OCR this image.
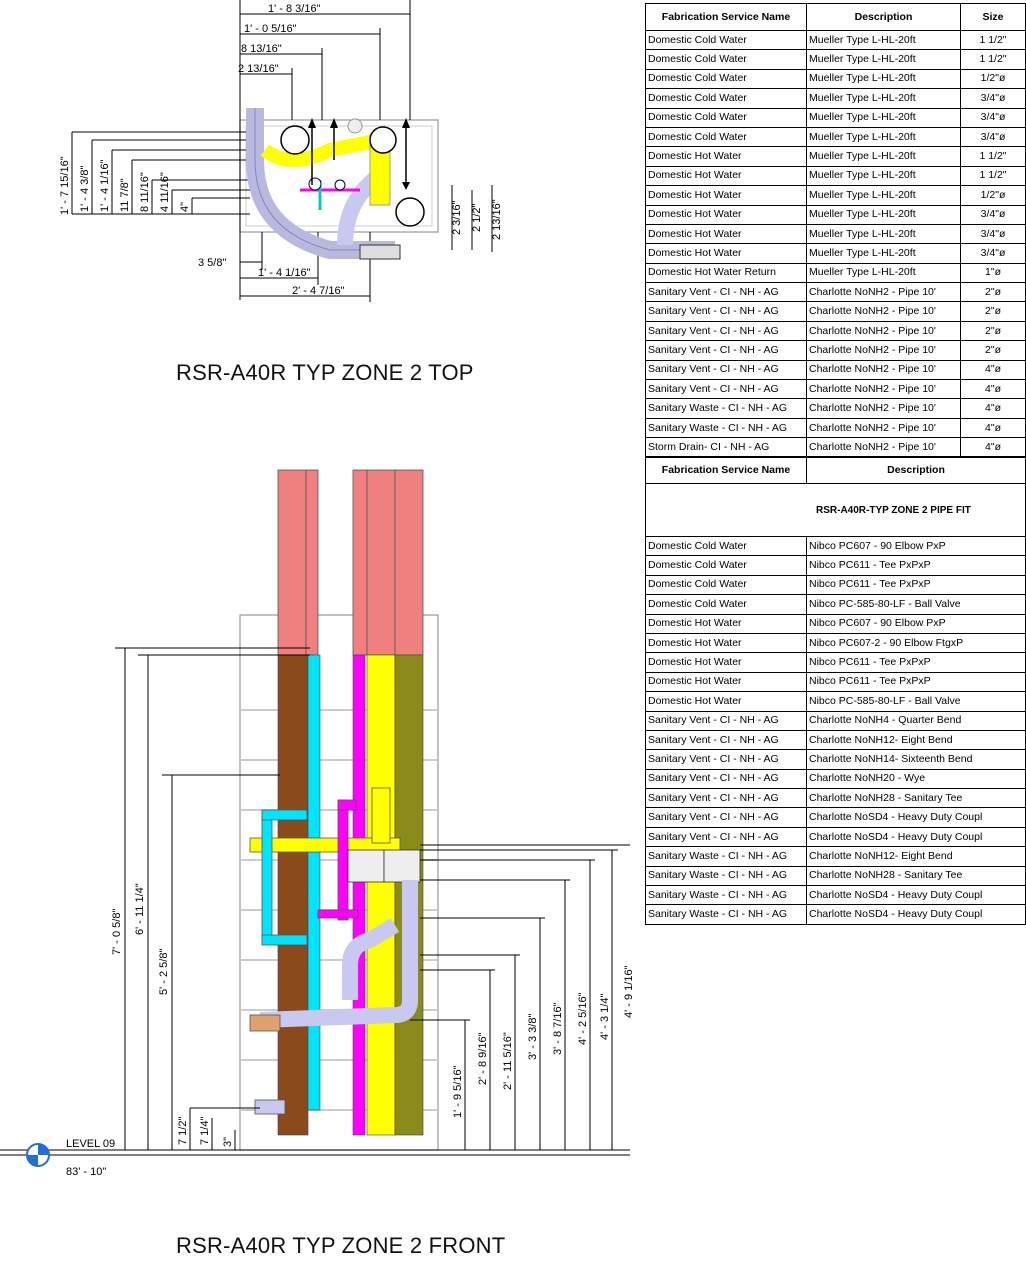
1' - 8 3/16"
1' - 0 5/16"
8 13/16"
2 13/16"
1' - 7 15/16" 1' - 4 3/8" 1' - 4 1/16" 11 7/8" 8 11/16" 4 11/16" 4"	2 3/16" 2 1/2" 2 13/16"
3 5/8"
1' - 4 1/16"
2' - 4 7/16"
7' - 0 5/8" 6' - 11 1/4"
5' - 2 5/8"
7 1/2" 7 1/4" 3"
1' - 9 5/16"
2' - 8 9/16" 2' - 11 5/16" 3' - 3 3/8" 3' - 8 7/16" 4' - 2 5/16" 4' - 3 1/4" 4' - 9 1/16"
LEVEL 09
83' - 10"
RSR-A40R TYP ZONE 2 TOP
RSR-A40R TYP ZONE 2 FRONT
Fabrication Service Name	Description	Size
Domestic Cold Water	Mueller Type L-HL-20ft	1 1/2"
Domestic Cold Water	Mueller Type L-HL-20ft	1 1/2"
Domestic Cold Water	Mueller Type L-HL-20ft	1/2"ø
Domestic Cold Water	Mueller Type L-HL-20ft	3/4"ø
Domestic Cold Water	Mueller Type L-HL-20ft	3/4"ø
Domestic Cold Water	Mueller Type L-HL-20ft	3/4"ø
Domestic Hot Water	Mueller Type L-HL-20ft	1 1/2"
Domestic Hot Water	Mueller Type L-HL-20ft	1 1/2"
Domestic Hot Water	Mueller Type L-HL-20ft	1/2"ø
Domestic Hot Water	Mueller Type L-HL-20ft	3/4"ø
Domestic Hot Water	Mueller Type L-HL-20ft	3/4"ø
Domestic Hot Water	Mueller Type L-HL-20ft	3/4"ø
Domestic Hot Water Return	Mueller Type L-HL-20ft	1"ø
Sanitary Vent - CI - NH - AG	Charlotte NoNH2 - Pipe 10'	2"ø
Sanitary Vent - CI - NH - AG	Charlotte NoNH2 - Pipe 10'	2"ø
Sanitary Vent - CI - NH - AG	Charlotte NoNH2 - Pipe 10'	2"ø
Sanitary Vent - CI - NH - AG	Charlotte NoNH2 - Pipe 10'	2"ø
Sanitary Vent - CI - NH - AG	Charlotte NoNH2 - Pipe 10'	4"ø
Sanitary Vent - CI - NH - AG	Charlotte NoNH2 - Pipe 10'	4"ø
Sanitary Waste - CI - NH - AG	Charlotte NoNH2 - Pipe 10'	4"ø
Sanitary Waste - CI - NH - AG	Charlotte NoNH2 - Pipe 10'	4"ø
Storm Drain- CI - NH - AG	Charlotte NoNH2 - Pipe 10'	4"ø
RSR-A40R-TYP ZONE 2 PIPE FIT	
Fabrication Service Name	Description
Domestic Cold Water	Nibco PC607 - 90 Elbow PxP
Domestic Cold Water	Nibco PC611 - Tee PxPxP
Domestic Cold Water	Nibco PC611 - Tee PxPxP
Domestic Cold Water	Nibco PC-585-80-LF - Ball Valve
Domestic Hot Water	Nibco PC607 - 90 Elbow PxP
Domestic Hot Water	Nibco PC607-2 - 90 Elbow FtgxP
Domestic Hot Water	Nibco PC611 - Tee PxPxP
Domestic Hot Water	Nibco PC611 - Tee PxPxP
Domestic Hot Water	Nibco PC-585-80-LF - Ball Valve
Sanitary Vent - CI - NH - AG	Charlotte NoNH4 - Quarter Bend
Sanitary Vent - CI - NH - AG	Charlotte NoNH12- Eight Bend
Sanitary Vent - CI - NH - AG	Charlotte NoNH14- Sixteenth Bend
Sanitary Vent - CI - NH - AG	Charlotte NoNH20 - Wye
Sanitary Vent - CI - NH - AG	Charlotte NoNH28 - Sanitary Tee
Sanitary Vent - CI - NH - AG	Charlotte NoSD4 - Heavy Duty Coupl
Sanitary Vent - CI - NH - AG	Charlotte NoSD4 - Heavy Duty Coupl
Sanitary Waste - CI - NH - AG	Charlotte NoNH12- Eight Bend
Sanitary Waste - CI - NH - AG	Charlotte NoNH28 - Sanitary Tee
Sanitary Waste - CI - NH - AG	Charlotte NoSD4 - Heavy Duty Coupl
Sanitary Waste - CI - NH - AG	Charlotte NoSD4 - Heavy Duty Coupl
